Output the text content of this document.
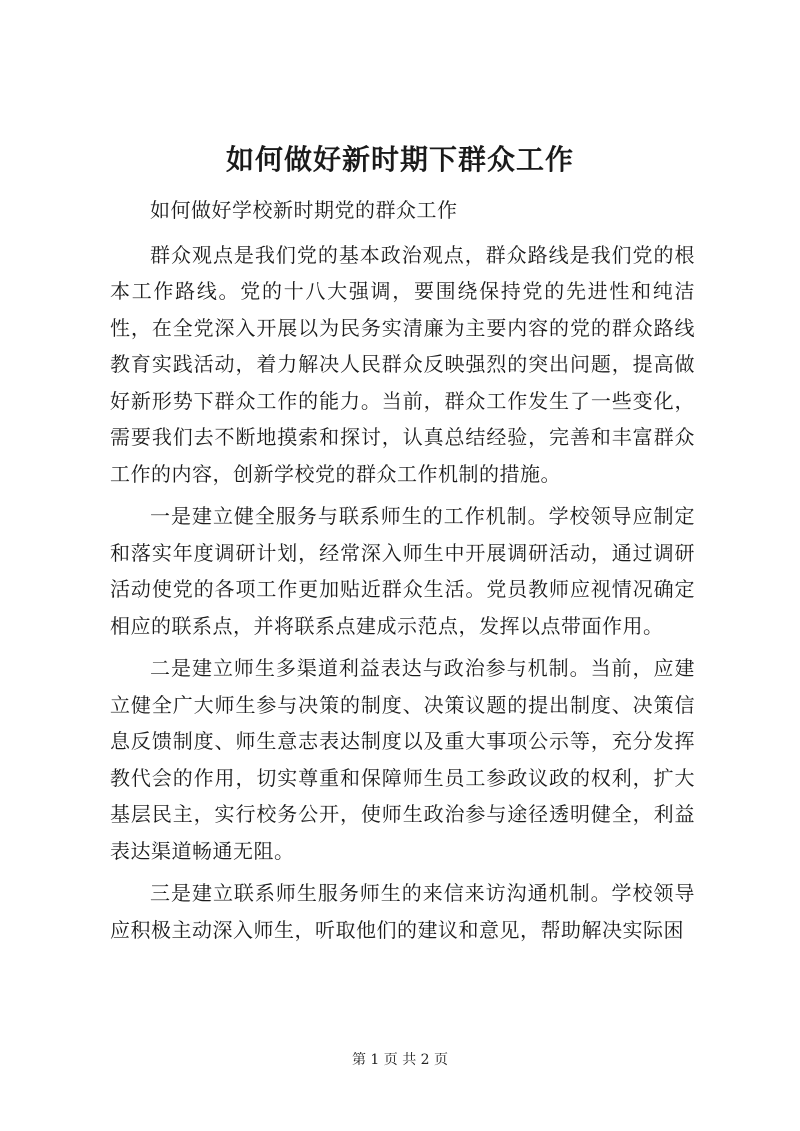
如何做好新时期下群众工作

如何做好学校新时期党的群众工作

群众观点是我们党的基本政治观点，群众路线是我们党的根本工作路线。党的十八大强调，要围绕保持党的先进性和纯洁性，在全党深入开展以为民务实清廉为主要内容的党的群众路线教育实践活动，着力解决人民群众反映强烈的突出问题，提高做好新形势下群众工作的能力。当前，群众工作发生了一些变化，需要我们去不断地摸索和探讨，认真总结经验，完善和丰富群众工作的内容，创新学校党的群众工作机制的措施。

一是建立健全服务与联系师生的工作机制。学校领导应制定和落实年度调研计划，经常深入师生中开展调研活动，通过调研活动使党的各项工作更加贴近群众生活。党员教师应视情况确定相应的联系点，并将联系点建成示范点，发挥以点带面作用。

二是建立师生多渠道利益表达与政治参与机制。当前，应建立健全广大师生参与决策的制度、决策议题的提出制度、决策信息反馈制度、师生意志表达制度以及重大事项公示等，充分发挥教代会的作用，切实尊重和保障师生员工参政议政的权利，扩大基层民主，实行校务公开，使师生政治参与途径透明健全，利益表达渠道畅通无阻。

三是建立联系师生服务师生的来信来访沟通机制。学校领导应积极主动深入师生，听取他们的建议和意见，帮助解决实际困

第 1 页 共 2 页
